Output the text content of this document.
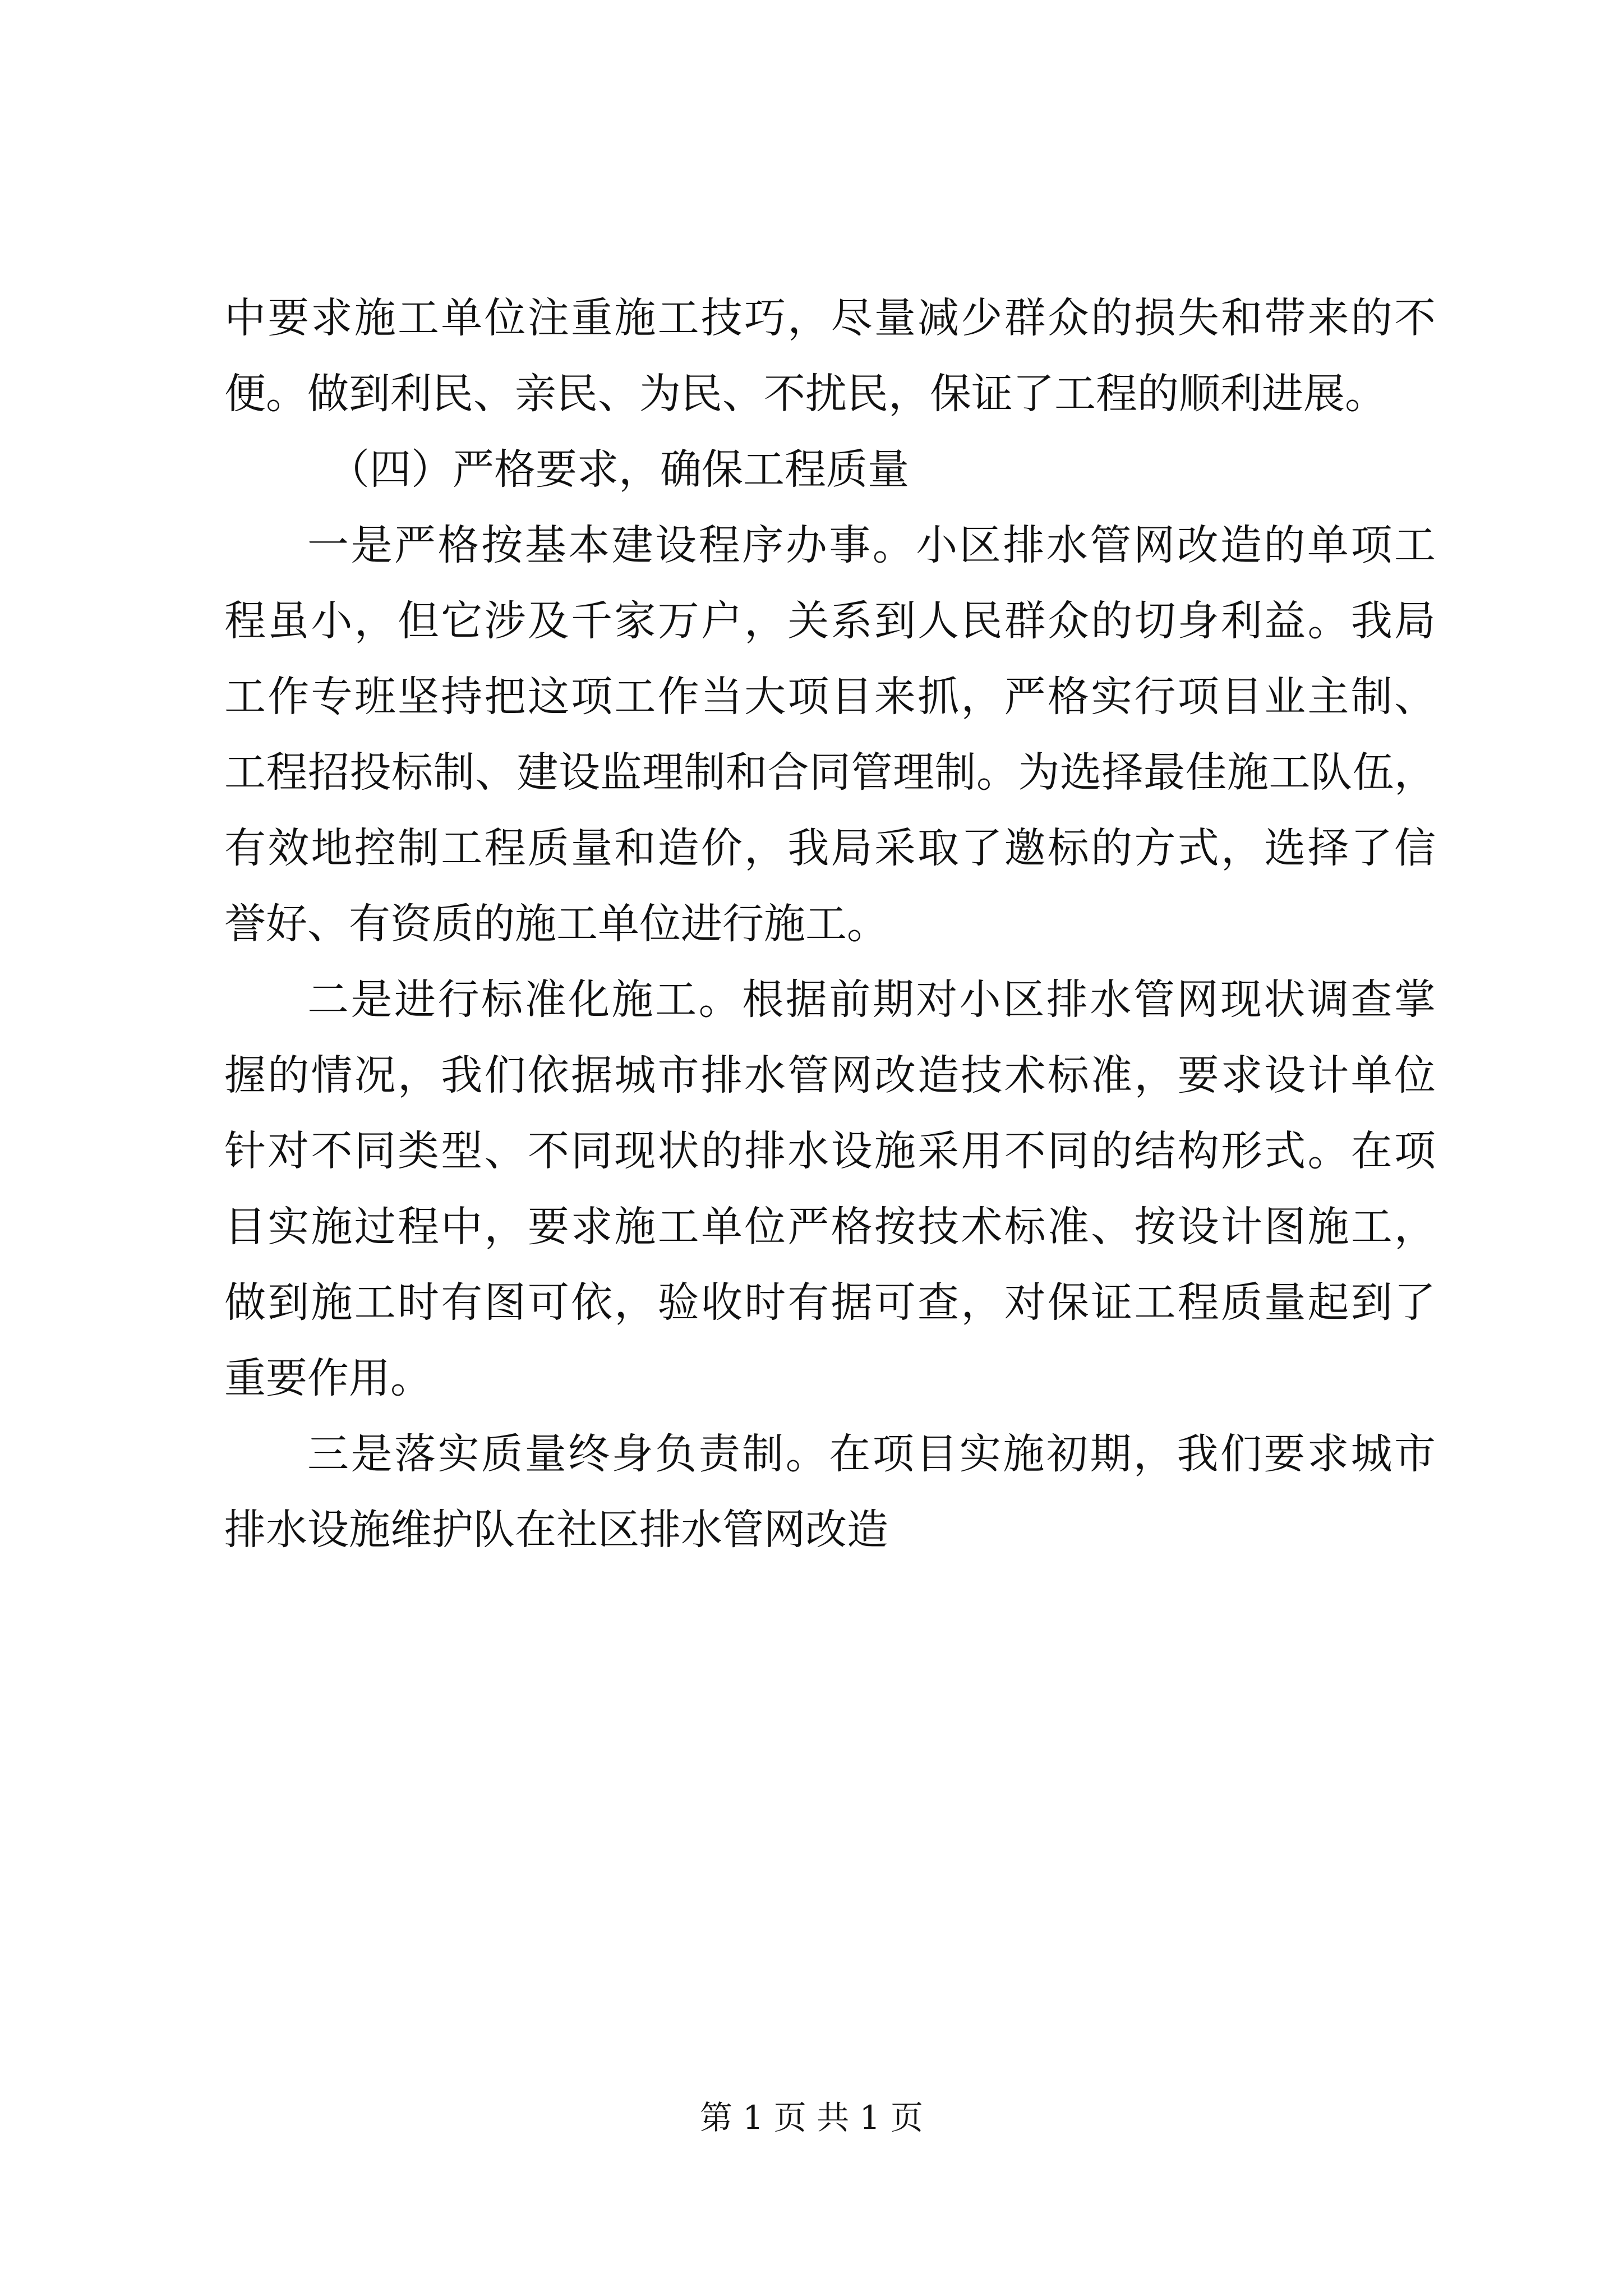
中要求施工单位注重施工技巧，尽量减少群众的损失和带来的不
便。做到利民、亲民、为民、不扰民，保证了工程的顺利进展。
（四）严格要求，确保工程质量
一是严格按基本建设程序办事。小区排水管网改造的单项工
程虽小，但它涉及千家万户，关系到人民群众的切身利益。我局
工作专班坚持把这项工作当大项目来抓，严格实行项目业主制、
工程招投标制、建设监理制和合同管理制。为选择最佳施工队伍，
有效地控制工程质量和造价，我局采取了邀标的方式，选择了信
誉好、有资质的施工单位进行施工。
二是进行标准化施工。根据前期对小区排水管网现状调查掌
握的情况，我们依据城市排水管网改造技术标准，要求设计单位
针对不同类型、不同现状的排水设施采用不同的结构形式。在项
目实施过程中，要求施工单位严格按技术标准、按设计图施工，
做到施工时有图可依，验收时有据可查，对保证工程质量起到了
重要作用。
三是落实质量终身负责制。在项目实施初期，我们要求城市
排水设施维护队在社区排水管网改造
第 1 页 共 1 页
